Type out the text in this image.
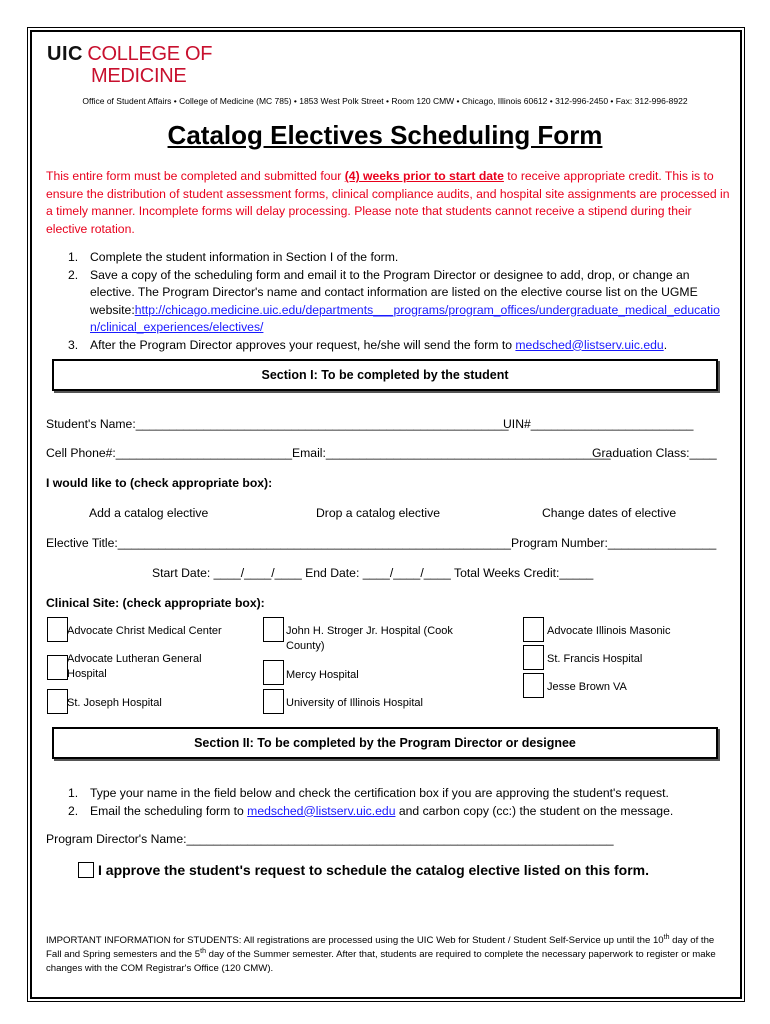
UIC COLLEGE OF
MEDICINE
Office of Student Affairs • College of Medicine (MC 785) • 1853 West Polk Street • Room 120 CMW • Chicago, Illinois 60612 • 312-996-2450 • Fax: 312-996-8922
Catalog Electives Scheduling Form
This entire form must be completed and submitted four (4) weeks prior to start date to receive appropriate credit. This is to ensure the distribution of student assessment forms, clinical compliance audits, and hospital site assignments are processed in a timely manner. Incomplete forms will delay processing. Please note that students cannot receive a stipend during their elective rotation.
1. Complete the student information in Section I of the form.
2. Save a copy of the scheduling form and email it to the Program Director or designee to add, drop, or change an elective. The Program Director's name and contact information are listed on the elective course list on the UGME website:http://chicago.medicine.uic.edu/departments___programs/program_offices/undergraduate_medical_education/clinical_experiences/electives/
3. After the Program Director approves your request, he/she will send the form to medsched@listserv.uic.edu.
Section I: To be completed by the student
Student's Name:_______________________________________________________
UIN#________________________
Cell Phone#:__________________________Email:__________________________________________
Graduation Class:____
I would like to (check appropriate box):
Add a catalog elective	Drop a catalog elective	Change dates of elective
Elective Title:__________________________________________________________ Program Number:________________
Start Date: ____/____/____ End Date: ____/____/____ Total Weeks Credit:_____
Clinical Site: (check appropriate box):
Advocate Christ Medical Center
Advocate Lutheran General Hospital
St. Joseph Hospital
John H. Stroger Jr. Hospital (Cook County)
Mercy Hospital
University of Illinois Hospital
Advocate Illinois Masonic
St. Francis Hospital
Jesse Brown VA
Section II: To be completed by the Program Director or designee
1. Type your name in the field below and check the certification box if you are approving the student's request.
2. Email the scheduling form to medsched@listserv.uic.edu and carbon copy (cc:) the student on the message.
Program Director's Name:_______________________________________________________________
I approve the student's request to schedule the catalog elective listed on this form.
IMPORTANT INFORMATION for STUDENTS: All registrations are processed using the UIC Web for Student / Student Self-Service up until the 10th day of the Fall and Spring semesters and the 5th day of the Summer semester. After that, students are required to complete the necessary paperwork to register or make changes with the COM Registrar's Office (120 CMW).
